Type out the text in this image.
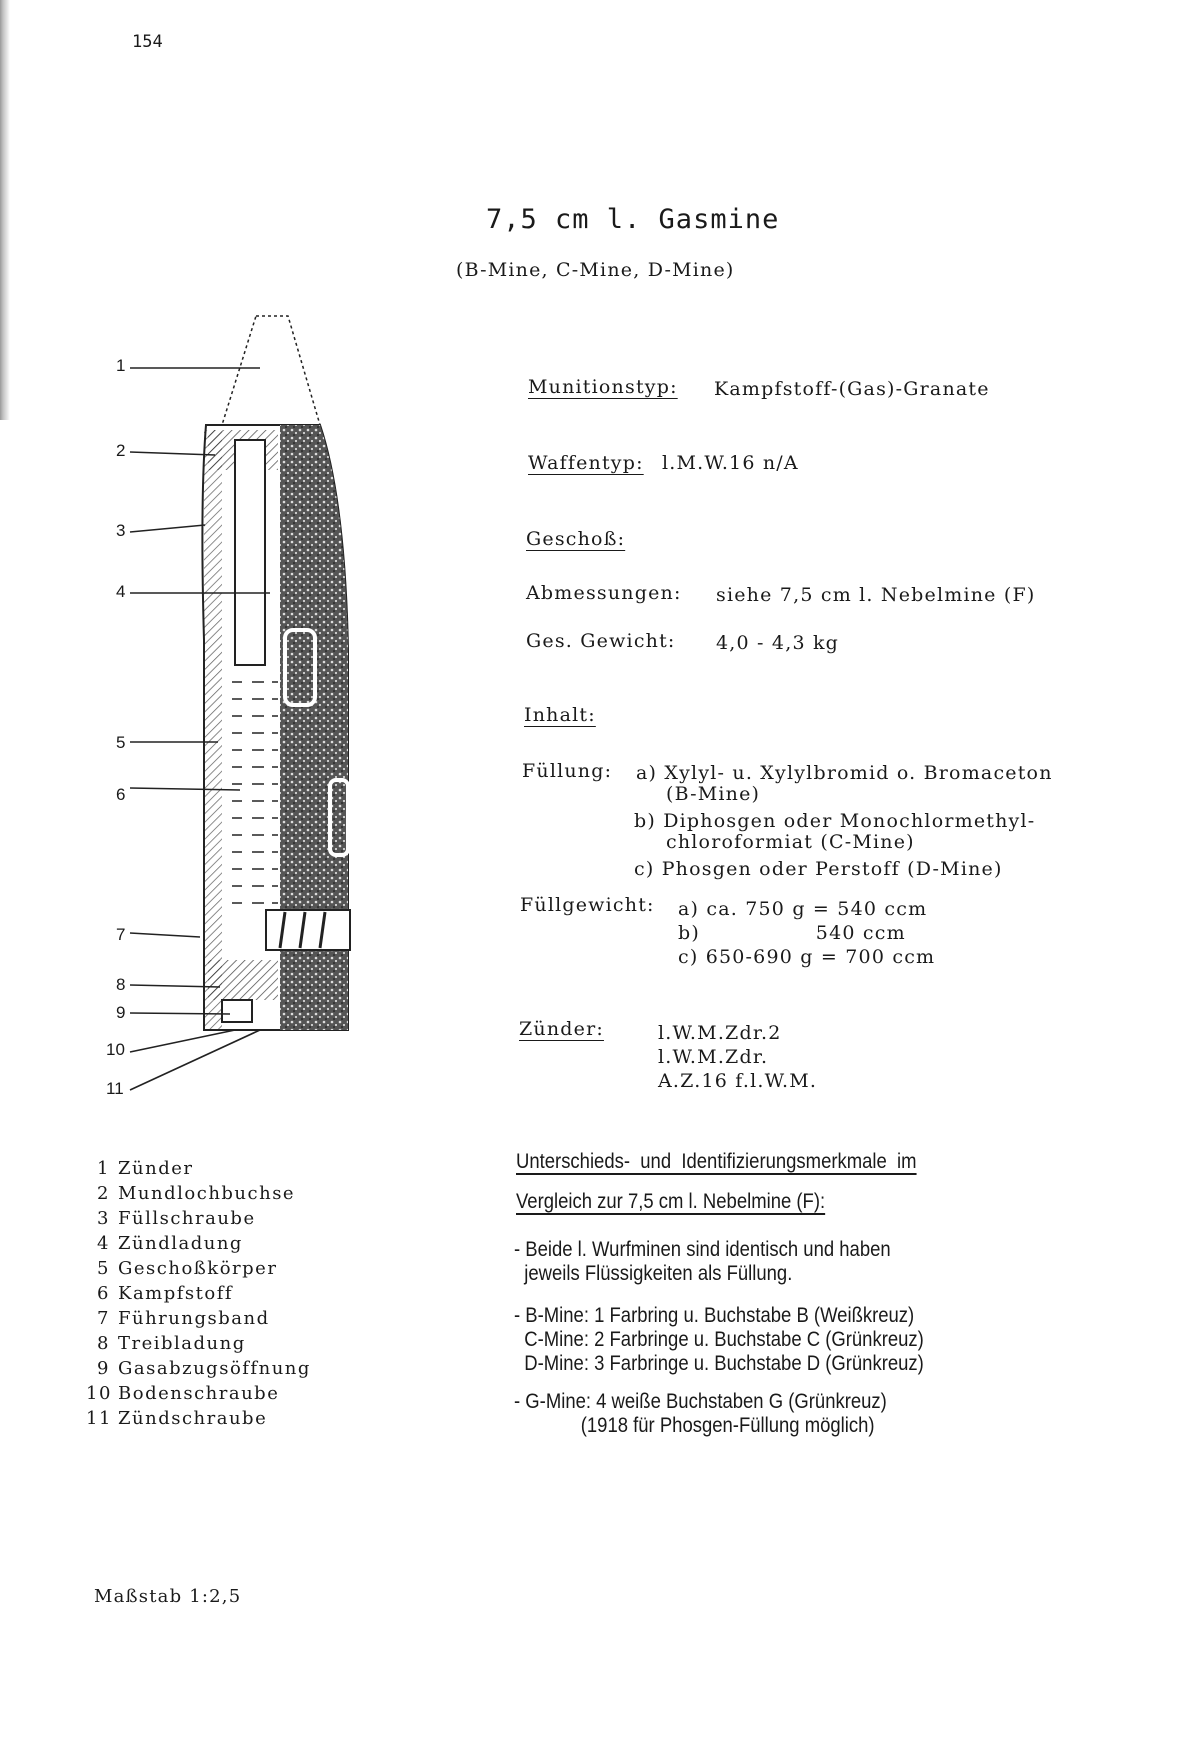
154
7,5 cm l. Gasmine
(B-Mine, C-Mine, D-Mine)
1
2
3
4
5
6
7
8
9
10
11
Munitionstyp: Kampfstoff-(Gas)-Granate
Waffentyp: l.M.W.16 n/A
Geschoß:
Abmessungen: siehe 7,5 cm l. Nebelmine (F)
Ges. Gewicht: 4,0 - 4,3 kg
Inhalt:
Füllung: a) Xylyl- u. Xylylbromid o. Bromaceton
(B-Mine)
b) Diphosgen oder Monochlormethyl-
chloroformiat (C-Mine)
c) Phosgen oder Perstoff (D-Mine)
Füllgewicht: a) ca. 750 g = 540 ccm
b)                540 ccm
c) 650-690 g = 700 ccm
Zünder:	l.W.M.Zdr.2
l.W.M.Zdr.
A.Z.16 f.l.W.M.
1 Zünder
2 Mundlochbuchse
3 Füllschraube
4 Zündladung
5 Geschoßkörper
6 Kampfstoff
7 Führungsband
8 Treibladung
9 Gasabzugsöffnung
10 Bodenschraube
11 Zündschraube
Unterschieds-  und  Identifizierungsmerkmale  im
Vergleich zur 7,5 cm l. Nebelmine (F):
- Beide l. Wurfminen sind identisch und haben
jeweils Flüssigkeiten als Füllung.
- B-Mine: 1 Farbring u. Buchstabe B (Weißkreuz)
C-Mine: 2 Farbringe u. Buchstabe C (Grünkreuz)
D-Mine: 3 Farbringe u. Buchstabe D (Grünkreuz)
- G-Mine: 4 weiße Buchstaben G (Grünkreuz)
(1918 für Phosgen-Füllung möglich)
Maßstab 1:2,5
